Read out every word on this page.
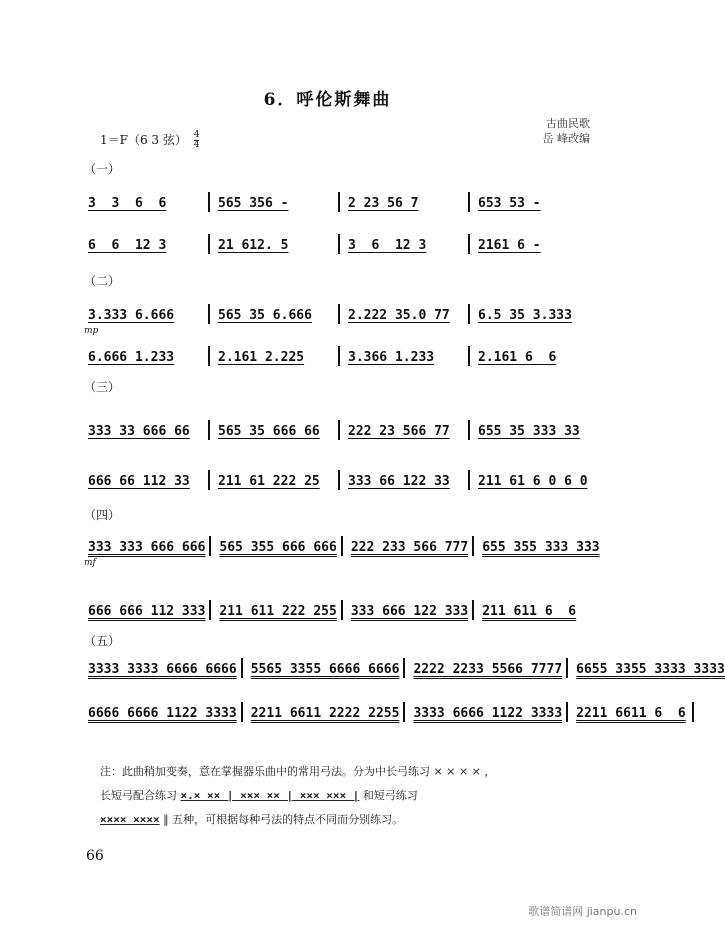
6．呼伦斯舞曲
古曲民歌
岳 峰改编
1＝F（6 3 弦） $\frac{4}{4}$
（一）
3  3  6  6	565 356 -	2 23 56 7	653 53 -
6  6  12 3	21 612. 5	3  6  12 3	2161 6 -
（二）
mp
3.333 6.666	565 35 6.666	2.222 35.0 77	6.5 35 3.333
6.666 1.233	2.161 2.225	3.366 1.233	2.161 6  6
（三）
333 33 666 66	565 35 666 66	222 23 566 77	655 35 333 33
666 66 112 33	211 61 222 25	333 66 122 33	211 61 6 0 6 0
（四）
mf
333 333 666 666	565 355 666 666	222 233 566 777	655 355 333 333
666 666 112 333	211 611 222 255	333 666 122 333	211 611 6  6
（五）
3333 3333 6666 6666	5565 3355 6666 6666	2222 2233 5566 7777	6655 3355 3333 3333
6666 6666 1122 3333	2211 6611 2222 2255	3333 6666 1122 3333	2211 6611 6  6
注：此曲稍加变奏，意在掌握器乐曲中的常用弓法。分为中长弓练习 × × × × ，
长短弓配合练习 ×.× ×× | ××× ×× | ××× ××× | 和短弓练习
×××× ×××× ‖ 五种，可根据每种弓法的特点不同而分别练习。
66
歌谱简谱网 jianpu.cn
